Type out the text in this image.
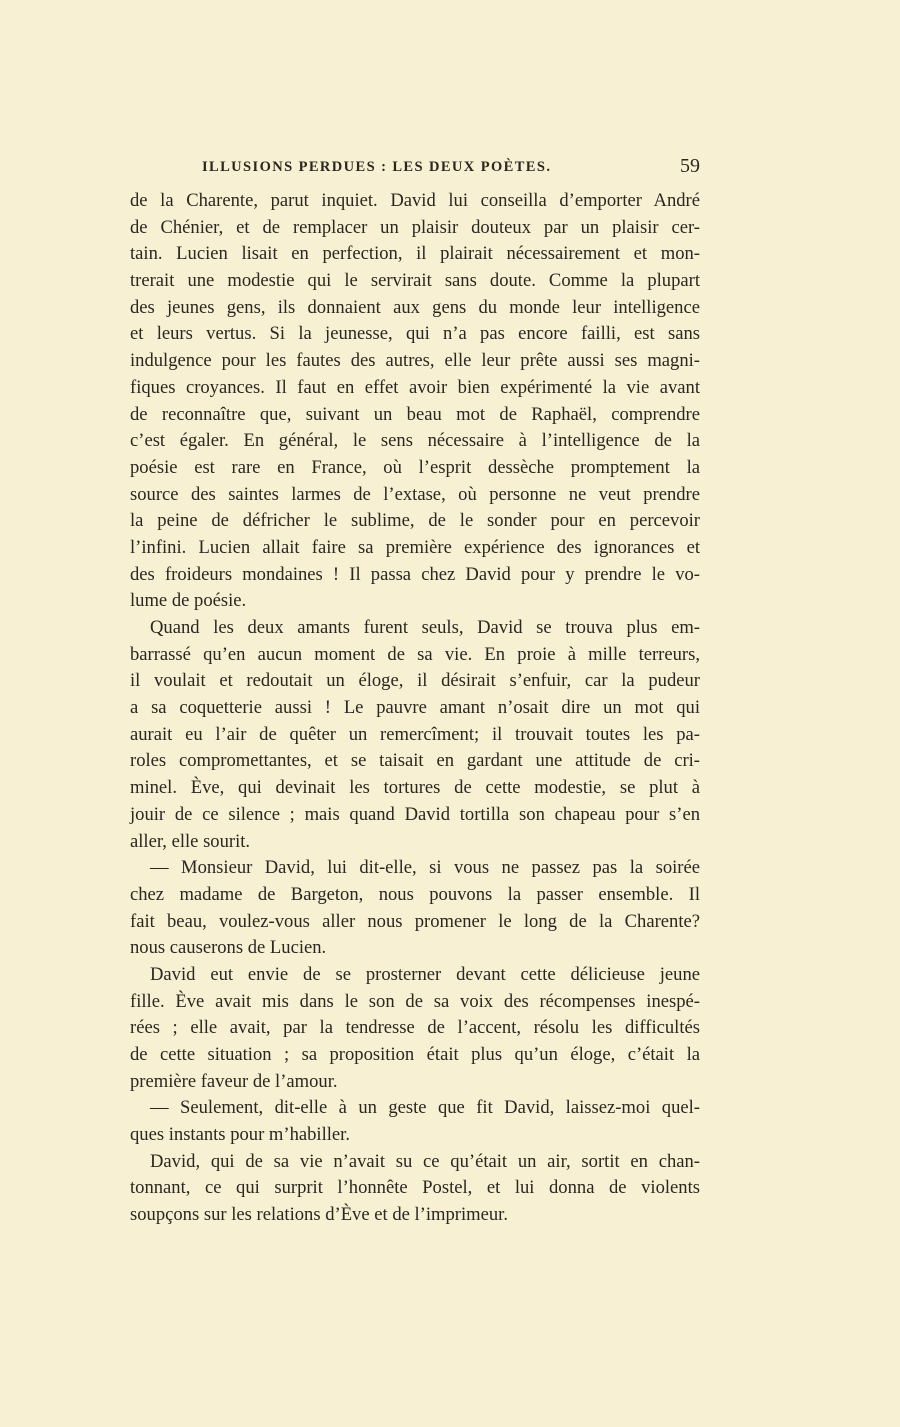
ILLUSIONS PERDUES : LES DEUX POÈTES.	59
de la Charente, parut inquiet. David lui conseilla d’emporter André
de Chénier, et de remplacer un plaisir douteux par un plaisir cer-
tain. Lucien lisait en perfection, il plairait nécessairement et mon-
trerait une modestie qui le servirait sans doute. Comme la plupart
des jeunes gens, ils donnaient aux gens du monde leur intelligence
et leurs vertus. Si la jeunesse, qui n’a pas encore failli, est sans
indulgence pour les fautes des autres, elle leur prête aussi ses magni-
fiques croyances. Il faut en effet avoir bien expérimenté la vie avant
de reconnaître que, suivant un beau mot de Raphaël, comprendre
c’est égaler. En général, le sens nécessaire à l’intelligence de la
poésie est rare en France, où l’esprit dessèche promptement la
source des saintes larmes de l’extase, où personne ne veut prendre
la peine de défricher le sublime, de le sonder pour en percevoir
l’infini. Lucien allait faire sa première expérience des ignorances et
des froideurs mondaines ! Il passa chez David pour y prendre le vo-
lume de poésie.
Quand les deux amants furent seuls, David se trouva plus em-
barrassé qu’en aucun moment de sa vie. En proie à mille terreurs,
il voulait et redoutait un éloge, il désirait s’enfuir, car la pudeur
a sa coquetterie aussi ! Le pauvre amant n’osait dire un mot qui
aurait eu l’air de quêter un remercîment; il trouvait toutes les pa-
roles compromettantes, et se taisait en gardant une attitude de cri-
minel. Ève, qui devinait les tortures de cette modestie, se plut à
jouir de ce silence ; mais quand David tortilla son chapeau pour s’en
aller, elle sourit.
— Monsieur David, lui dit-elle, si vous ne passez pas la soirée
chez madame de Bargeton, nous pouvons la passer ensemble. Il
fait beau, voulez-vous aller nous promener le long de la Charente?
nous causerons de Lucien.
David eut envie de se prosterner devant cette délicieuse jeune
fille. Ève avait mis dans le son de sa voix des récompenses inespé-
rées ; elle avait, par la tendresse de l’accent, résolu les difficultés
de cette situation ; sa proposition était plus qu’un éloge, c’était la
première faveur de l’amour.
— Seulement, dit-elle à un geste que fit David, laissez-moi quel-
ques instants pour m’habiller.
David, qui de sa vie n’avait su ce qu’était un air, sortit en chan-
tonnant, ce qui surprit l’honnête Postel, et lui donna de violents
soupçons sur les relations d’Ève et de l’imprimeur.
